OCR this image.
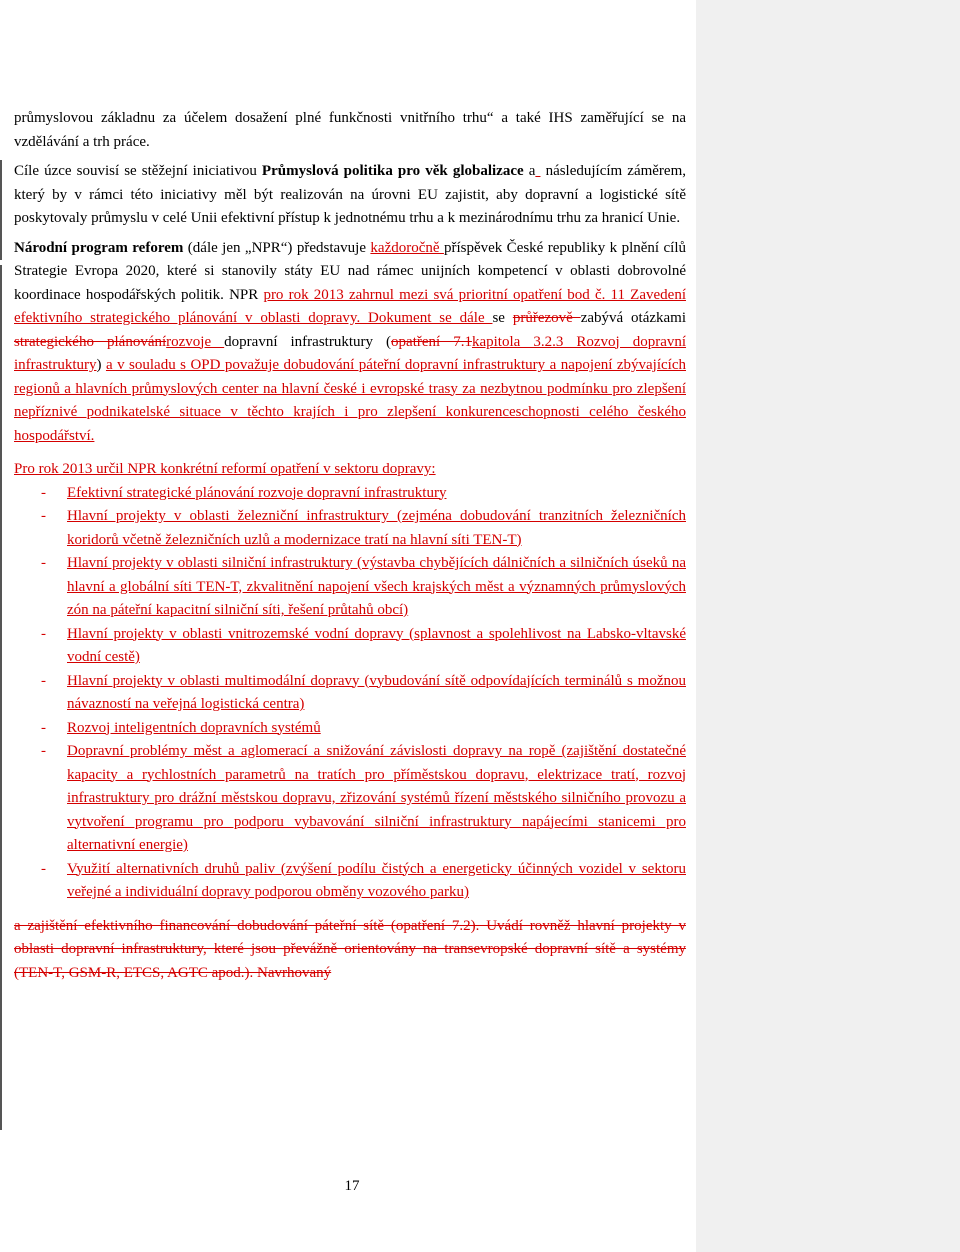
průmyslovou základnu za účelem dosažení plné funkčnosti vnitřního trhu“ a také IHS zaměřující se na vzdělávání a trh práce.

Cíle úzce souvisí se stěžejní iniciativou Průmyslová politika pro věk globalizace a  následujícím záměrem, který by v rámci této iniciativy měl být realizován na úrovni EU zajistit, aby dopravní a logistické sítě poskytovaly průmyslu v celé Unii efektivní přístup k jednotnému trhu a k mezinárodnímu trhu za hranicí Unie.

Národní program reforem (dále jen „NPR“) představuje každoročně příspěvek České republiky k plnění cílů Strategie Evropa 2020, které si stanovily státy EU nad rámec unijních kompetencí v oblasti dobrovolné koordinace hospodářských politik. NPR pro rok 2013 zahrnul mezi svá prioritní opatření bod č. 11 Zavedení efektivního strategického plánování v oblasti dopravy. Dokument se dále se průřezově zabývá otázkami strategického plánovánírozvoje dopravní infrastruktury (opatření 7.1kapitola 3.2.3 Rozvoj dopravní infrastruktury) a v souladu s OPD považuje dobudování páteřní dopravní infrastruktury a napojení zbývajících regionů a hlavních průmyslových center na hlavní české i evropské trasy za nezbytnou podmínku pro zlepšení nepříznivé podnikatelské situace v těchto krajích i pro zlepšení konkurenceschopnosti celého českého hospodářství.

Pro rok 2013 určil NPR konkrétní reformí opatření v sektoru dopravy:

- Efektivní strategické plánování rozvoje dopravní infrastruktury
- Hlavní projekty v oblasti železniční infrastruktury (zejména dobudování tranzitních železničních koridorů včetně železničních uzlů a modernizace tratí na hlavní síti TEN-T)
- Hlavní projekty v oblasti silniční infrastruktury (výstavba chybějících dálničních a silničních úseků na hlavní a globální síti TEN-T, zkvalitnění napojení všech krajských měst a významných průmyslových zón na páteřní kapacitní silniční síti, řešení průtahů obcí)
- Hlavní projekty v oblasti vnitrozemské vodní dopravy (splavnost a spolehlivost na Labsko-vltavské vodní cestě)
- Hlavní projekty v oblasti multimodální dopravy (vybudování sítě odpovídajících terminálů s možnou návazností na veřejná logistická centra)
- Rozvoj inteligentních dopravních systémů
- Dopravní problémy měst a aglomerací a snižování závislosti dopravy na ropě (zajištění dostatečné kapacity a rychlostních parametrů na tratích pro příměstskou dopravu, elektrizace tratí, rozvoj infrastruktury pro drážní městskou dopravu, zřizování systémů řízení městského silničního provozu a vytvoření programu pro podporu vybavování silniční infrastruktury napájecími stanicemi pro alternativní energie)
- Využití alternativních druhů paliv (zvýšení podílu čistých a energeticky účinných vozidel v sektoru veřejné a individuální dopravy podporou obměny vozového parku)

a zajištění efektivního financování dobudování páteřní sítě (opatření 7.2). Uvádí rovněž hlavní projekty v oblasti dopravní infrastruktury, které jsou převážně orientovány na transevropské dopravní sítě a systémy (TEN-T, GSM-R, ETCS, AGTC apod.). Navrhovaný

17
